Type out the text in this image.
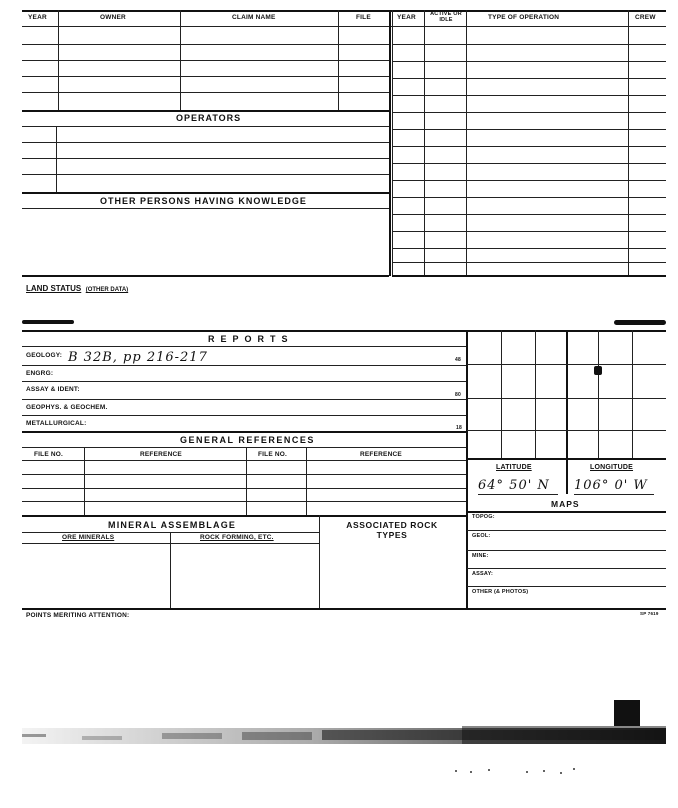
YEAR	OWNER	CLAIM NAME	FILE	YEAR	ACTIVE OR IDLE	TYPE OF OPERATION	CREW
OPERATORS
OTHER PERSONS HAVING KNOWLEDGE
LAND STATUS (OTHER DATA)
REPORTS
GEOLOGY: B 32B, pp 216-217	48
ENGRG:
ASSAY & IDENT:
80
GEOPHYS. & GEOCHEM.
METALLURGICAL:
18
GENERAL REFERENCES
FILE NO.	REFERENCE	FILE NO.	REFERENCE
MINERAL ASSEMBLAGE
ORE MINERALS	ROCK FORMING, ETC.
ASSOCIATED ROCK TYPES
POINTS MERITING ATTENTION:	SP 7619
LATITUDE	LONGITUDE
64° 50' N 106° 0' W
MAPS
TOPOG:
GEOL:
MINE:
ASSAY:
OTHER (& PHOTOS)
